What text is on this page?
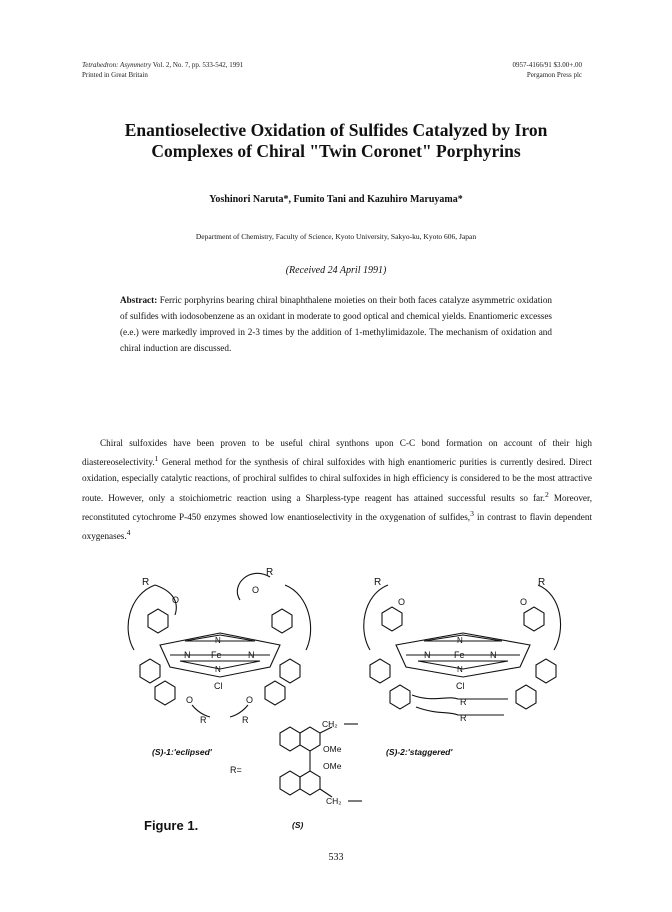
Tetrahedron: Asymmetry Vol. 2, No. 7, pp. 533-542, 1991
Printed in Great Britain
0957-4166/91 $3.00+.00
Pergamon Press plc
Enantioselective Oxidation of Sulfides Catalyzed by Iron
Complexes of Chiral "Twin Coronet" Porphyrins
Yoshinori Naruta*, Fumito Tani and Kazuhiro Maruyama*
Department of Chemistry, Faculty of Science, Kyoto University, Sakyo-ku, Kyoto 606, Japan
(Received 24 April 1991)
Abstract: Ferric porphyrins bearing chiral binaphthalene moieties on their both faces catalyze asymmetric oxidation of sulfides with iodosobenzene as an oxidant in moderate to good optical and chemical yields. Enantiomeric excesses (e.e.) were markedly improved in 2-3 times by the addition of 1-methylimidazole. The mechanism of oxidation and chiral induction are discussed.

Chiral sulfoxides have been proven to be useful chiral synthons upon C-C bond formation on account of their high diastereoselectivity.$^1$ General method for the synthesis of chiral sulfoxides with high enantiomeric purities is currently desired. Direct oxidation, especially catalytic reactions, of prochiral sulfides to chiral sulfoxides in high efficiency is considered to be the most attractive route. However, only a stoichiometric reaction using a Sharpless-type reagent has attained successful results so far.$^2$ Moreover, reconstituted cytochrome P-450 enzymes showed low enantioselectivity in the oxygenation of sulfides,$^3$ in contrast to flavin dependent oxygenases.$^4$

R
R
O
O
N Fe	N
N
N
Cl
O	O
R	R
R	R
O	O
N	Fe	N
N
N
Cl
R
R
(S)-1:'eclipsed'	(S)-2:'staggered'
R=
CH₂
OMe
OMe
CH₂
(S)
Figure 1.
533
